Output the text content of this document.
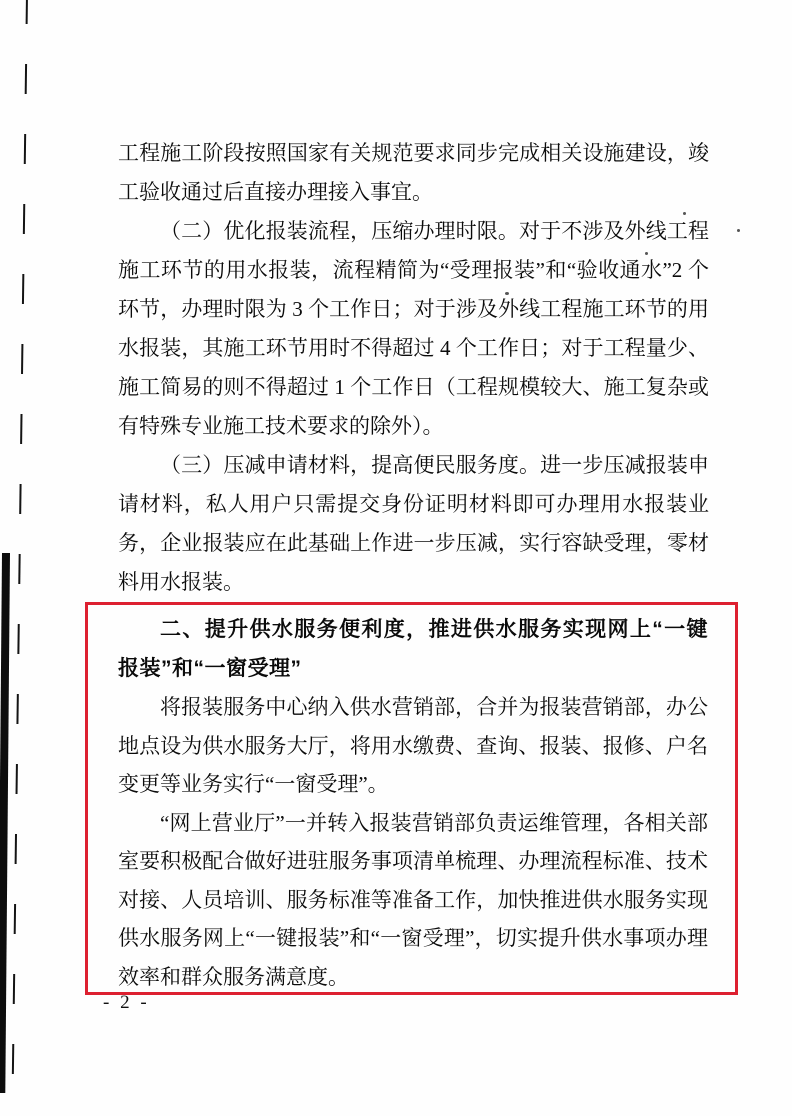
工程施工阶段按照国家有关规范要求同步完成相关设施建设，竣工验收通过后直接办理接入事宜。

（二）优化报装流程，压缩办理时限。对于不涉及外线工程施工环节的用水报装，流程精简为“受理报装”和“验收通水”2 个环节，办理时限为 3 个工作日；对于涉及外线工程施工环节的用水报装，其施工环节用时不得超过 4 个工作日；对于工程量少、施工简易的则不得超过 1 个工作日（工程规模较大、施工复杂或有特殊专业施工技术要求的除外）。

（三）压减申请材料，提高便民服务度。进一步压减报装申请材料，私人用户只需提交身份证明材料即可办理用水报装业务，企业报装应在此基础上作进一步压减，实行容缺受理，零材料用水报装。

二、提升供水服务便利度，推进供水服务实现网上“一键报装”和“一窗受理”

将报装服务中心纳入供水营销部，合并为报装营销部，办公地点设为供水服务大厅，将用水缴费、查询、报装、报修、户名变更等业务实行“一窗受理”。

“网上营业厅”一并转入报装营销部负责运维管理，各相关部室要积极配合做好进驻服务事项清单梳理、办理流程标准、技术对接、人员培训、服务标准等准备工作，加快推进供水服务实现供水服务网上“一键报装”和“一窗受理”，切实提升供水事项办理效率和群众服务满意度。

- 2 -
